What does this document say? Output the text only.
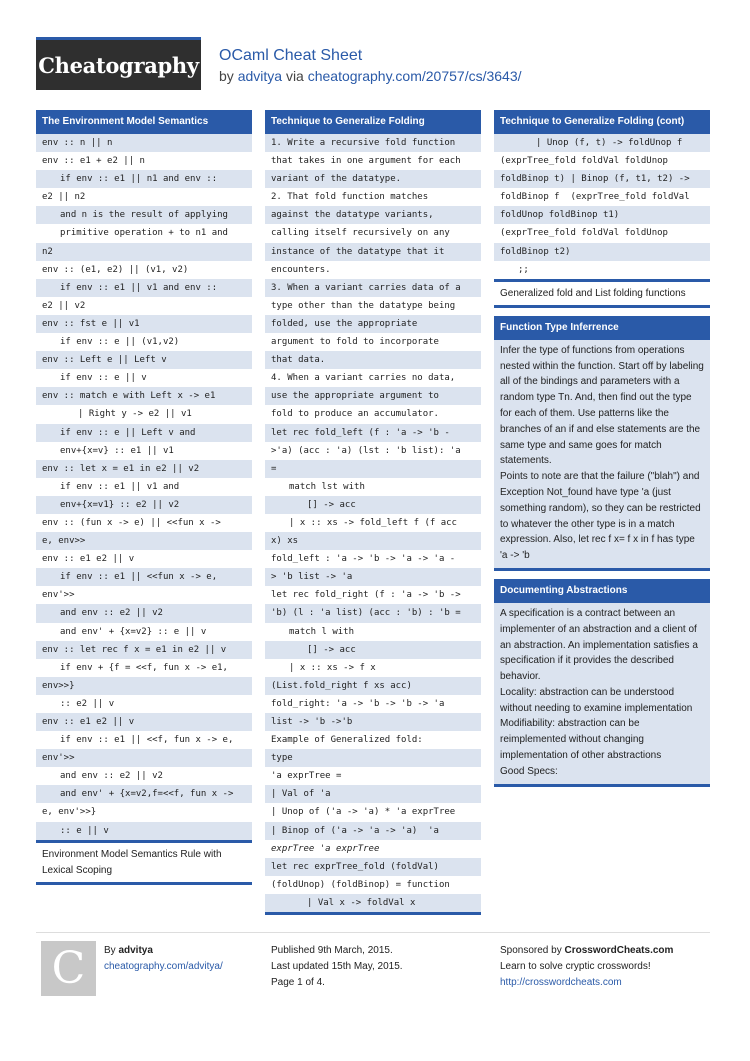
Cheatography OCaml Cheat Sheet
by advitya via cheatography.com/20757/cs/3643/
The Environment Model Semantics
env :: n || n
env :: e1 + e2 || n
if env :: e1 || n1 and env ::
e2 || n2
and n is the result of applying
primitive operation + to n1 and
n2
env :: (e1, e2) || (v1, v2)
if env :: e1 || v1 and env ::
e2 || v2
env :: fst e || v1
if env :: e || (v1,v2)
env :: Left e || Left v
if env :: e || v
env :: match e with Left x -> e1
| Right y -> e2 || v1
if env :: e || Left v and
env+{x=v} :: e1 || v1
env :: let x = e1 in e2 || v2
if env :: e1 || v1 and
env+{x=v1} :: e2 || v2
env :: (fun x -> e) || <<fun x ->
e, env>>
env :: e1 e2 || v
if env :: e1 || <<fun x -> e,
env'>>
and env :: e2 || v2
and env' + {x=v2} :: e || v
env :: let rec f x = e1 in e2 || v
if env + {f = <<f, fun x -> e1,
env>>}
:: e2 || v
env :: e1 e2 || v
if env :: e1 || <<f, fun x -> e,
env'>>
and env :: e2 || v2
and env' + {x=v2,f=<<f, fun x ->
e, env'>>}
:: e || v
Environment Model Semantics Rule with Lexical Scoping
Technique to Generalize Folding
1. Write a recursive fold function
that takes in one argument for each
variant of the datatype.
2. That fold function matches
against the datatype variants,
calling itself recursively on any
instance of the datatype that it
encounters.
3. When a variant carries data of a
type other than the datatype being
folded, use the appropriate
argument to fold to incorporate
that data.
4. When a variant carries no data,
use the appropriate argument to
fold to produce an accumulator.
let rec fold_left (f : 'a -> 'b -
>'a) (acc : 'a) (lst : 'b list): 'a
=
match lst with
[] -> acc
| x :: xs -> fold_left f (f acc
x) xs
fold_left : 'a -> 'b -> 'a -> 'a -
> 'b list -> 'a
let rec fold_right (f : 'a -> 'b ->
'b) (l : 'a list) (acc : 'b) : 'b =
match l with
[] -> acc
| x :: xs -> f x
(List.fold_right f xs acc)
fold_right: 'a -> 'b -> 'b -> 'a
list -> 'b ->'b
Example of Generalized fold:
type
'a exprTree =
| Val of 'a
| Unop of ('a -> 'a) * 'a exprTree
| Binop of ('a -> 'a -> 'a)  'a
exprTree 'a exprTree
let rec exprTree_fold (foldVal)
(foldUnop) (foldBinop) = function
| Val x -> foldVal x
Technique to Generalize Folding (cont)
| Unop (f, t) -> foldUnop f
(exprTree_fold foldVal foldUnop
foldBinop t) | Binop (f, t1, t2) ->
foldBinop f  (exprTree_fold foldVal
foldUnop foldBinop t1)
(exprTree_fold foldVal foldUnop
foldBinop t2)
;;
Generalized fold and List folding functions
Function Type Inferrence
Infer the type of functions from operations nested within the function. Start off by labeling all of the bindings and parameters with a random type Tn. And, then find out the type for each of them. Use patterns like the branches of an if and else statements are the same type and same goes for match statements.
Points to note are that the failure ("blah") and Exception Not_found have type 'a (just something random), so they can be restricted to whatever the other type is in a match expression. Also, let rec f x= f x in f has type 'a -> 'b
Documenting Abstractions
A specification is a contract between an implementer of an abstraction and a client of an abstraction. An implementation satisfies a specification if it provides the described behavior.
Locality: abstraction can be understood without needing to examine implementation
Modifiability: abstraction can be reimplemented without changing implementation of other abstractions
Good Specs:
C By advitya
cheatography.com/advitya/
Published 9th March, 2015.
Last updated 15th May, 2015.
Page 1 of 4.
Sponsored by CrosswordCheats.com
Learn to solve cryptic crosswords!
http://crosswordcheats.com
